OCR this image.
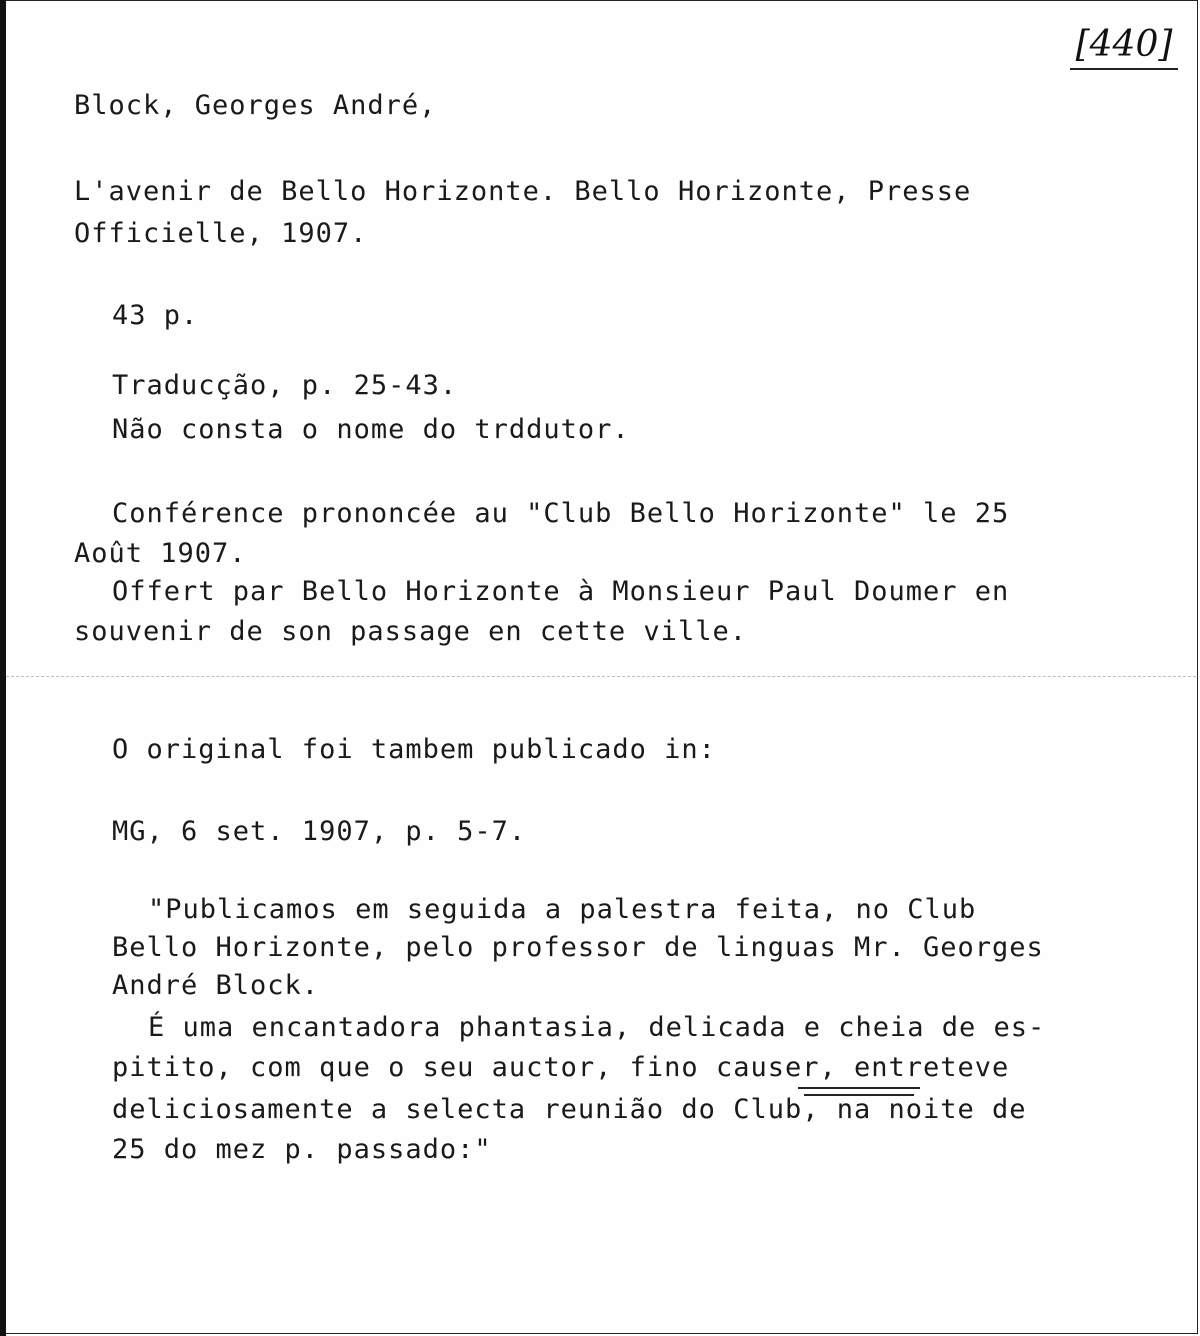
[440]
Block, Georges André,
L'avenir de Bello Horizonte. Bello Horizonte, Presse
Officielle, 1907.
43 p.
Traducção, p. 25-43.
Não consta o nome do trddutor.
Conférence prononcée au "Club Bello Horizonte" le 25
Août 1907.
Offert par Bello Horizonte à Monsieur Paul Doumer en
souvenir de son passage en cette ville.
O original foi tambem publicado in:
MG, 6 set. 1907, p. 5-7.
"Publicamos em seguida a palestra feita, no Club
Bello Horizonte, pelo professor de linguas Mr. Georges
André Block.
É uma encantadora phantasia, delicada e cheia de es-
pitito, com que o seu auctor, fino causer, entreteve
deliciosamente a selecta reunião do Club, na noite de
25 do mez p. passado:"
